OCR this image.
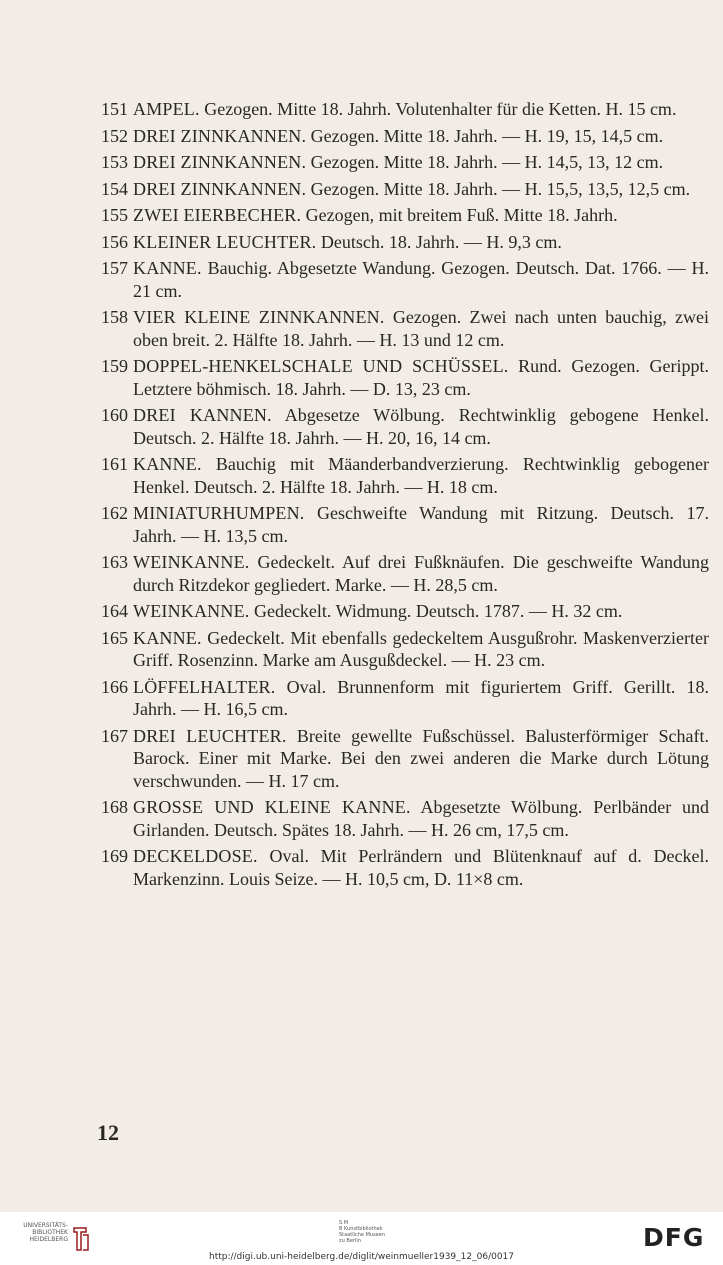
151 AMPEL. Gezogen. Mitte 18. Jahrh. Volutenhalter für die Ketten. H. 15 cm.
152 DREI ZINNKANNEN. Gezogen. Mitte 18. Jahrh. — H. 19, 15, 14,5 cm.
153 DREI ZINNKANNEN. Gezogen. Mitte 18. Jahrh. — H. 14,5, 13, 12 cm.
154 DREI ZINNKANNEN. Gezogen. Mitte 18. Jahrh. — H. 15,5, 13,5, 12,5 cm.
155 ZWEI EIERBECHER. Gezogen, mit breitem Fuß. Mitte 18. Jahrh.
156 KLEINER LEUCHTER. Deutsch. 18. Jahrh. — H. 9,3 cm.
157 KANNE. Bauchig. Abgesetzte Wandung. Gezogen. Deutsch. Dat. 1766. — H. 21 cm.
158 VIER KLEINE ZINNKANNEN. Gezogen. Zwei nach unten bauchig, zwei oben breit. 2. Hälfte 18. Jahrh. — H. 13 und 12 cm.
159 DOPPEL-HENKELSCHALE UND SCHÜSSEL. Rund. Gezogen. Gerippt. Letztere böhmisch. 18. Jahrh. — D. 13, 23 cm.
160 DREI KANNEN. Abgesetze Wölbung. Rechtwinklig gebogene Henkel. Deutsch. 2. Hälfte 18. Jahrh. — H. 20, 16, 14 cm.
161 KANNE. Bauchig mit Mäanderbandverzierung. Rechtwinklig gebogener Henkel. Deutsch. 2. Hälfte 18. Jahrh. — H. 18 cm.
162 MINIATURHUMPEN. Geschweifte Wandung mit Ritzung. Deutsch. 17. Jahrh. — H. 13,5 cm.
163 WEINKANNE. Gedeckelt. Auf drei Fußknäufen. Die geschweifte Wandung durch Ritzdekor gegliedert. Marke. — H. 28,5 cm.
164 WEINKANNE. Gedeckelt. Widmung. Deutsch. 1787. — H. 32 cm.
165 KANNE. Gedeckelt. Mit ebenfalls gedeckeltem Ausgußrohr. Maskenverzierter Griff. Rosenzinn. Marke am Ausgußdeckel. — H. 23 cm.
166 LÖFFELHALTER. Oval. Brunnenform mit figuriertem Griff. Gerillt. 18. Jahrh. — H. 16,5 cm.
167 DREI LEUCHTER. Breite gewellte Fußschüssel. Balusterförmiger Schaft. Barock. Einer mit Marke. Bei den zwei anderen die Marke durch Lötung verschwunden. — H. 17 cm.
168 GROSSE UND KLEINE KANNE. Abgesetzte Wölbung. Perlbänder und Girlanden. Deutsch. Spätes 18. Jahrh. — H. 26 cm, 17,5 cm.
169 DECKELDOSE. Oval. Mit Perlrändern und Blütenknauf auf d. Deckel. Markenzinn. Louis Seize. — H. 10,5 cm, D. 11×8 cm.
12
UNIVERSITÄTS-
BIBLIOTHEK
HEIDELBERG
S M
B Kunstbibliothek
Staatliche Museen
zu Berlin	DFG
http://digi.ub.uni-heidelberg.de/diglit/weinmueller1939_12_06/0017
